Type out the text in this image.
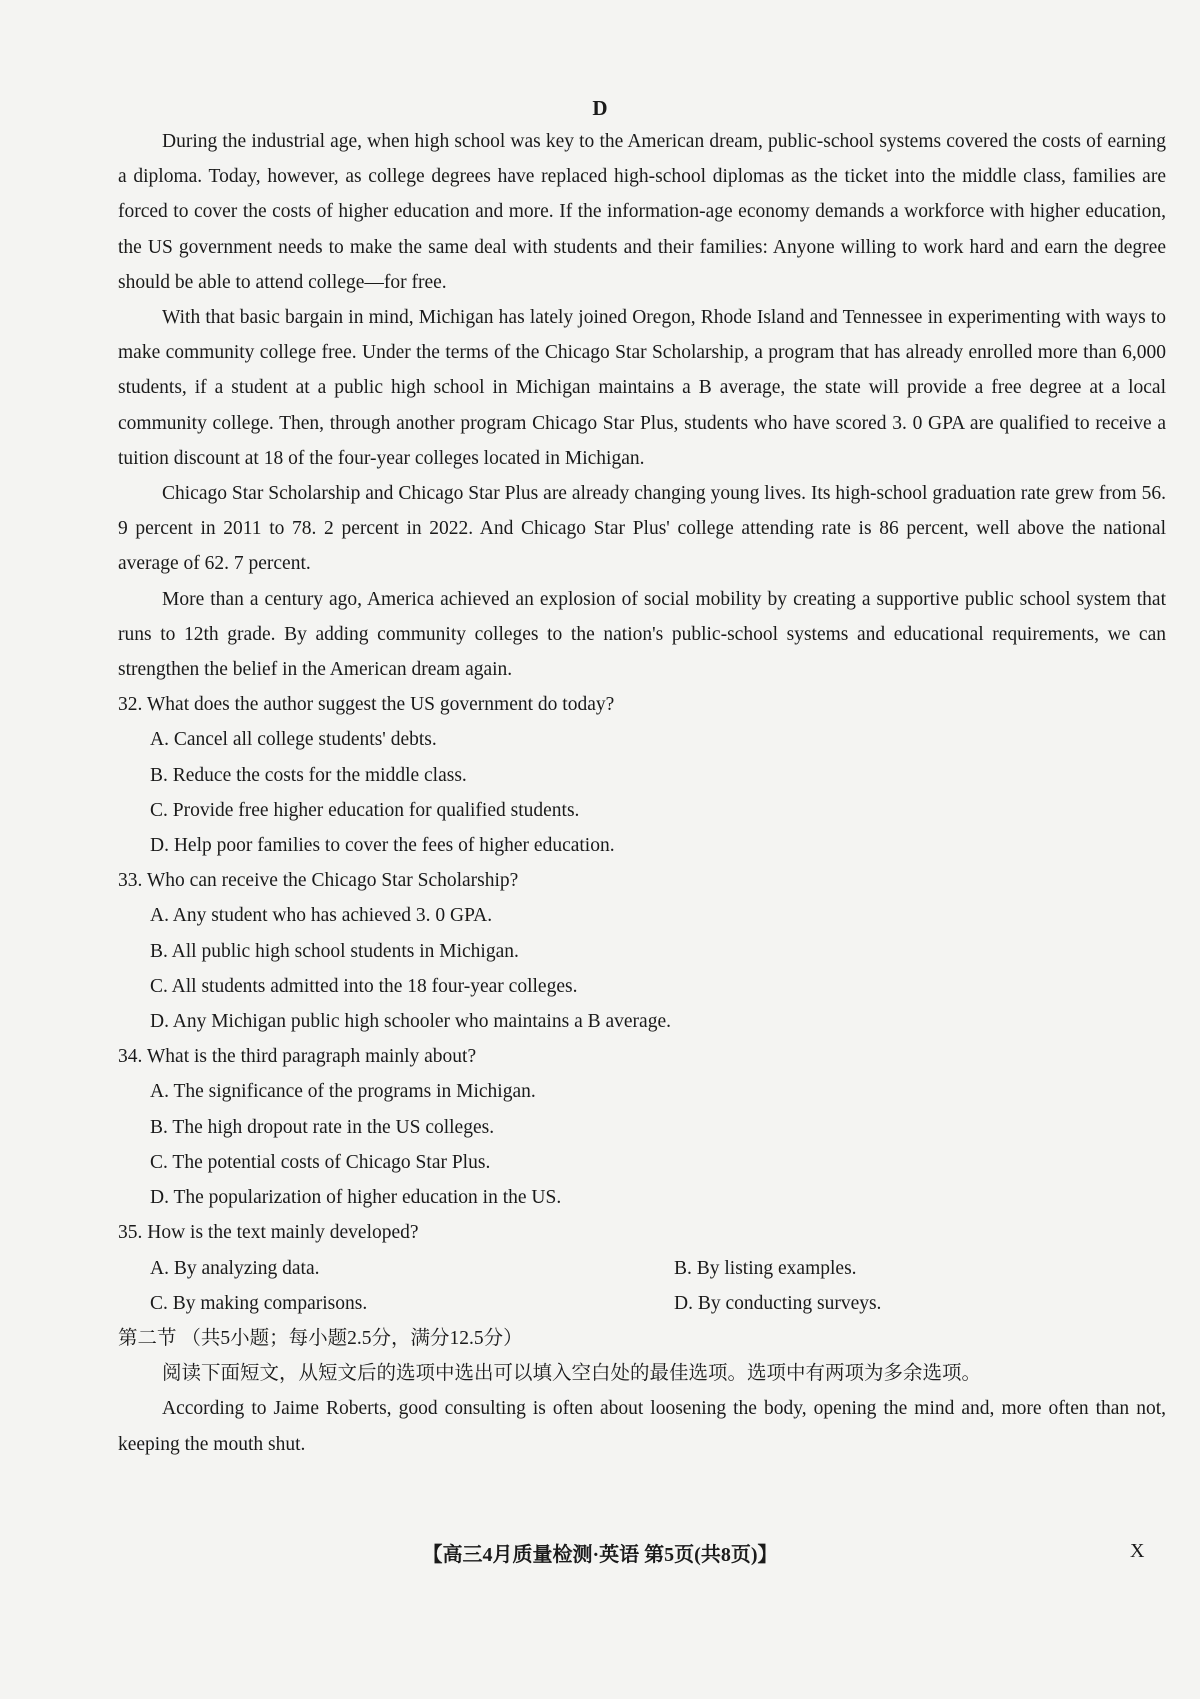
D

During the industrial age, when high school was key to the American dream, public-school systems covered the costs of earning a diploma. Today, however, as college degrees have replaced high-school diplomas as the ticket into the middle class, families are forced to cover the costs of higher education and more. If the information-age economy demands a workforce with higher education, the US government needs to make the same deal with students and their families: Anyone willing to work hard and earn the degree should be able to attend college—for free.

With that basic bargain in mind, Michigan has lately joined Oregon, Rhode Island and Tennessee in experimenting with ways to make community college free. Under the terms of the Chicago Star Scholarship, a program that has already enrolled more than 6,000 students, if a student at a public high school in Michigan maintains a B average, the state will provide a free degree at a local community college. Then, through another program Chicago Star Plus, students who have scored 3. 0 GPA are qualified to receive a tuition discount at 18 of the four-year colleges located in Michigan.

Chicago Star Scholarship and Chicago Star Plus are already changing young lives. Its high-school graduation rate grew from 56. 9 percent in 2011 to 78. 2 percent in 2022. And Chicago Star Plus' college attending rate is 86 percent, well above the national average of 62. 7 percent.

More than a century ago, America achieved an explosion of social mobility by creating a supportive public school system that runs to 12th grade. By adding community colleges to the nation's public-school systems and educational requirements, we can strengthen the belief in the American dream again.

32. What does the author suggest the US government do today?

A. Cancel all college students' debts.

B. Reduce the costs for the middle class.

C. Provide free higher education for qualified students.

D. Help poor families to cover the fees of higher education.

33. Who can receive the Chicago Star Scholarship?

A. Any student who has achieved 3. 0 GPA.

B. All public high school students in Michigan.

C. All students admitted into the 18 four-year colleges.

D. Any Michigan public high schooler who maintains a B average.

34. What is the third paragraph mainly about?

A. The significance of the programs in Michigan.

B. The high dropout rate in the US colleges.

C. The potential costs of Chicago Star Plus.

D. The popularization of higher education in the US.

35. How is the text mainly developed?

A. By analyzing data.	B. By listing examples.

C. By making comparisons.	D. By conducting surveys.

第二节 （共5小题；每小题2.5分，满分12.5分）

阅读下面短文，从短文后的选项中选出可以填入空白处的最佳选项。选项中有两项为多余选项。

According to Jaime Roberts, good consulting is often about loosening the body, opening the mind and, more often than not, keeping the mouth shut.

【高三4月质量检测·英语 第5页(共8页)】	X
